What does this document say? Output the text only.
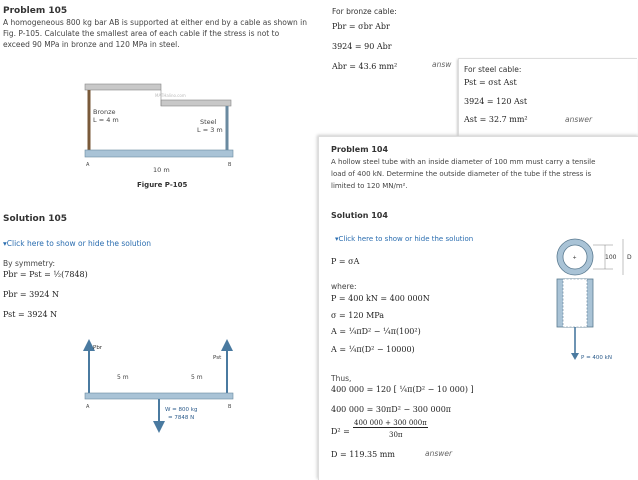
Problem 105
A homogeneous 800 kg bar AB is supported at either end by a cable as shown in Fig. P-105. Calculate the smallest area of each cable if the stress is not to exceed 90 MPa in bronze and 120 MPa in steel.
Bronze
L = 4 m	Steel
L = 3 m
A	B
10 m
Figure P-105
MATHalino.com
Solution 105
▾Click here to show or hide the solution
By symmetry:
Pbr = Pst = ½(7848)
Pbr = 3924 N
Pst = 3924 N
Pbr
Pst
5 m	5 m
A	B
W = 800 kg
= 7848 N
For bronze cable:
Pbr = σbr Abr
3924 = 90 Abr
Abr = 43.6 mm²	answ
For steel cable:
Pst = σst Ast
3924 = 120 Ast
Ast = 32.7 mm²	answer
Problem 104
A hollow steel tube with an inside diameter of 100 mm must carry a tensile
load of 400 kN. Determine the outside diameter of the tube if the stress is
limited to 120 MN/m².
Solution 104
▾Click here to show or hide the solution
P = σA
where:
P = 400 kN = 400 000N
σ = 120 MPa
A = ¼πD² − ¼π(100²)
A = ¼π(D² − 10000)
Thus,
400 000 = 120 [ ¼π(D² − 10 000) ]
400 000 = 30πD² − 300 000π
D² =
400 000 + 300 000π
30π
D = 119.35 mm	answer
+	100 D
P = 400 kN
